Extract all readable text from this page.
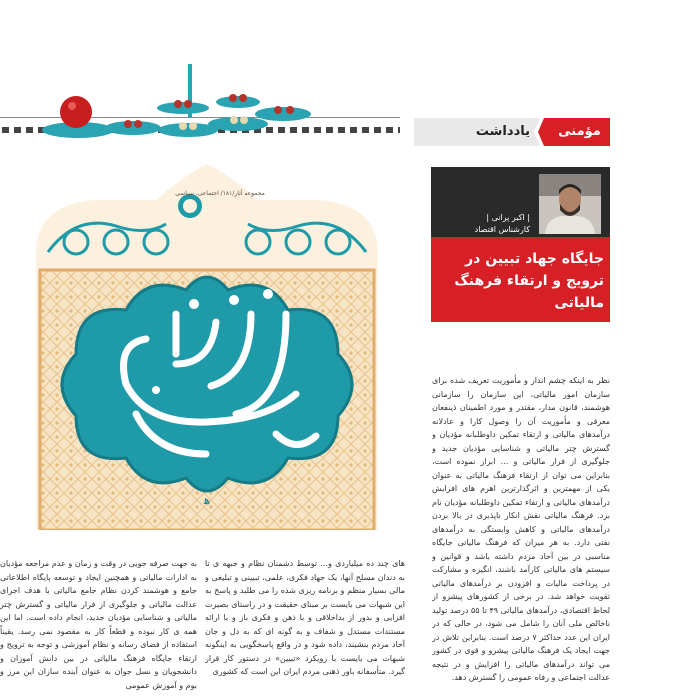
یادداشت	مؤمنی
| اکبر پرانی |
کارشناس اقتصاد
جایگاه جهاد تبیین در ترویج و ارتقاء فرهنگ مالیاتی
ﻫ
مجموعه آثار/۱۸۱/ اجتماعی، سیاسی
نظر به اینکه چشم انداز و مأموریت تعریف شده برای سازمان امور مالیاتی، این سازمان را سازمانی هوشمند، قانون مدار، مقتدر و مورد اطمینان ذینفعان معرفی و مأموریت آن را وصول کارا و عادلانه درآمدهای مالیاتی و ارتقاء تمکین داوطلبانه مؤدیان و گسترش چتر مالیاتی و شناسایی مؤدیان جدید و جلوگیری از فرار مالیاتی و ... ابراز نموده است، بنابراین می توان از ارتقاء فرهنگ مالیاتی به عنوان یکی از مهمترین و اثرگذارترین اهرم های افزایش درآمدهای مالیاتی و ارتقاء تمکین داوطلبانه مؤدیان نام برد. فرهنگ مالیاتی نقش انکار ناپذیری در بالا بردن درآمدهای مالیاتی و کاهش وابستگی به درآمدهای نفتی دارد. به هر میزان که فرهنگ مالیاتی جایگاه مناسبی در بین آحاد مردم داشته باشد و قوانین و سیستم های مالیاتی کارآمد باشند، انگیزه و مشارکت در پرداخت مالیات و افزودن بر درآمدهای مالیاتی تقویت خواهد شد. در برخی از کشورهای پیشرو از لحاظ اقتصادی، درآمدهای مالیاتی ۴۹ تا ۵۵ درصد تولید ناخالص ملی آنان را شامل می شود، در حالی که در ایران این عدد حداکثر ۷ درصد است. بنابراین تلاش در جهت ایجاد یک فرهنگ مالیاتی پیشرو و قوی در کشور می تواند درآمدهای مالیاتی را افزایش و در نتیجه عدالت اجتماعی و رفاه عمومی را گسترش دهد.
های چند ده میلیاردی و... توسط دشمنان نظام و جبهه ی تا به دندان مسلح آنها، یک جهاد فکری، علمی، تبیینی و تبلیغی و مالی بسیار منظم و برنامه ریزی شده را می طلبد و پاسخ به این شبهات می بایست بر مبنای حقیقت و در راستای بصیرت افزایی و بدور از بداخلاقی و با ذهن و فکری باز و با ارائه مستندات مستدل و شفاف و به گونه ای که به دل و جان آحاد مردم بنشیند، داده شود و در واقع پاسخگویی به اینگونه شبهات می بایست با رویکرد «تبیین» در دستور کار قرار گیرد. متأسفانه باور ذهنی مردم ایران این است که کشوری
به جهت صرفه جویی در وقت و زمان و عدم مراجعه مؤدیان به ادارات مالیاتی و همچنین ایجاد و توسعه پایگاه اطلاعاتی جامع و هوشمند کردن نظام جامع مالیاتی با هدف اجرای عدالت مالیاتی و جلوگیری از فرار مالیاتی و گسترش چتر مالیاتی و شناسایی مؤدیان جدید، انجام داده است. اما این همه ی کار نبوده و قطعاً کار به مقصود نمی رسد. یقیناً استفاده از فضای رسانه و نظام آموزشی و توجه به ترویج و ارتقاء جایگاه فرهنگ مالیاتی در بین دانش آموزان و دانشجویان و نسل جوان به عنوان آینده سازان این مرز و بوم و آموزش عمومی
